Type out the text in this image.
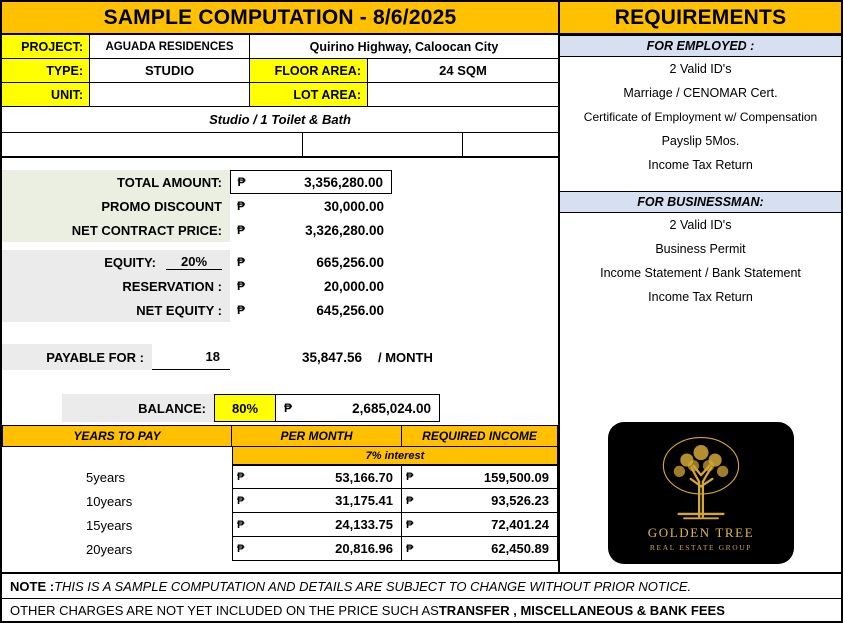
SAMPLE COMPUTATION - 8/6/2025
PROJECT:	AGUADA RESIDENCES	Quirino Highway, Caloocan City
TYPE:	STUDIO	FLOOR AREA:	24 SQM
UNIT:	LOT AREA:
Studio / 1 Toilet & Bath
TOTAL AMOUNT:	₱	3,356,280.00
PROMO DISCOUNT	₱	30,000.00
NET CONTRACT PRICE:	₱	3,326,280.00
EQUITY:	20%	₱	665,256.00
RESERVATION :	₱	20,000.00
NET EQUITY :	₱	645,256.00
PAYABLE FOR :	18	35,847.56	/ MONTH
BALANCE:	80%	₱	2,685,024.00
YEARS TO PAY	PER MONTH	REQUIRED INCOME
7% interest
5years	₱	53,166.70	₱	159,500.09
10years	₱	31,175.41	₱	93,526.23
15years	₱	24,133.75	₱	72,401.24
20years	₱	20,816.96	₱	62,450.89
REQUIREMENTS
FOR EMPLOYED :
2 Valid ID's
Marriage / CENOMAR Cert.
Certificate of Employment w/ Compensation
Payslip 5Mos.
Income Tax Return
FOR BUSINESSMAN:
2 Valid ID's
Business Permit
Income Statement / Bank Statement
Income Tax Return
GOLDEN TREE
REAL ESTATE GROUP
NOTE : THIS IS A SAMPLE COMPUTATION AND DETAILS ARE SUBJECT TO CHANGE WITHOUT PRIOR NOTICE.
OTHER CHARGES ARE NOT YET INCLUDED ON THE PRICE SUCH AS TRANSFER , MISCELLANEOUS & BANK FEES
